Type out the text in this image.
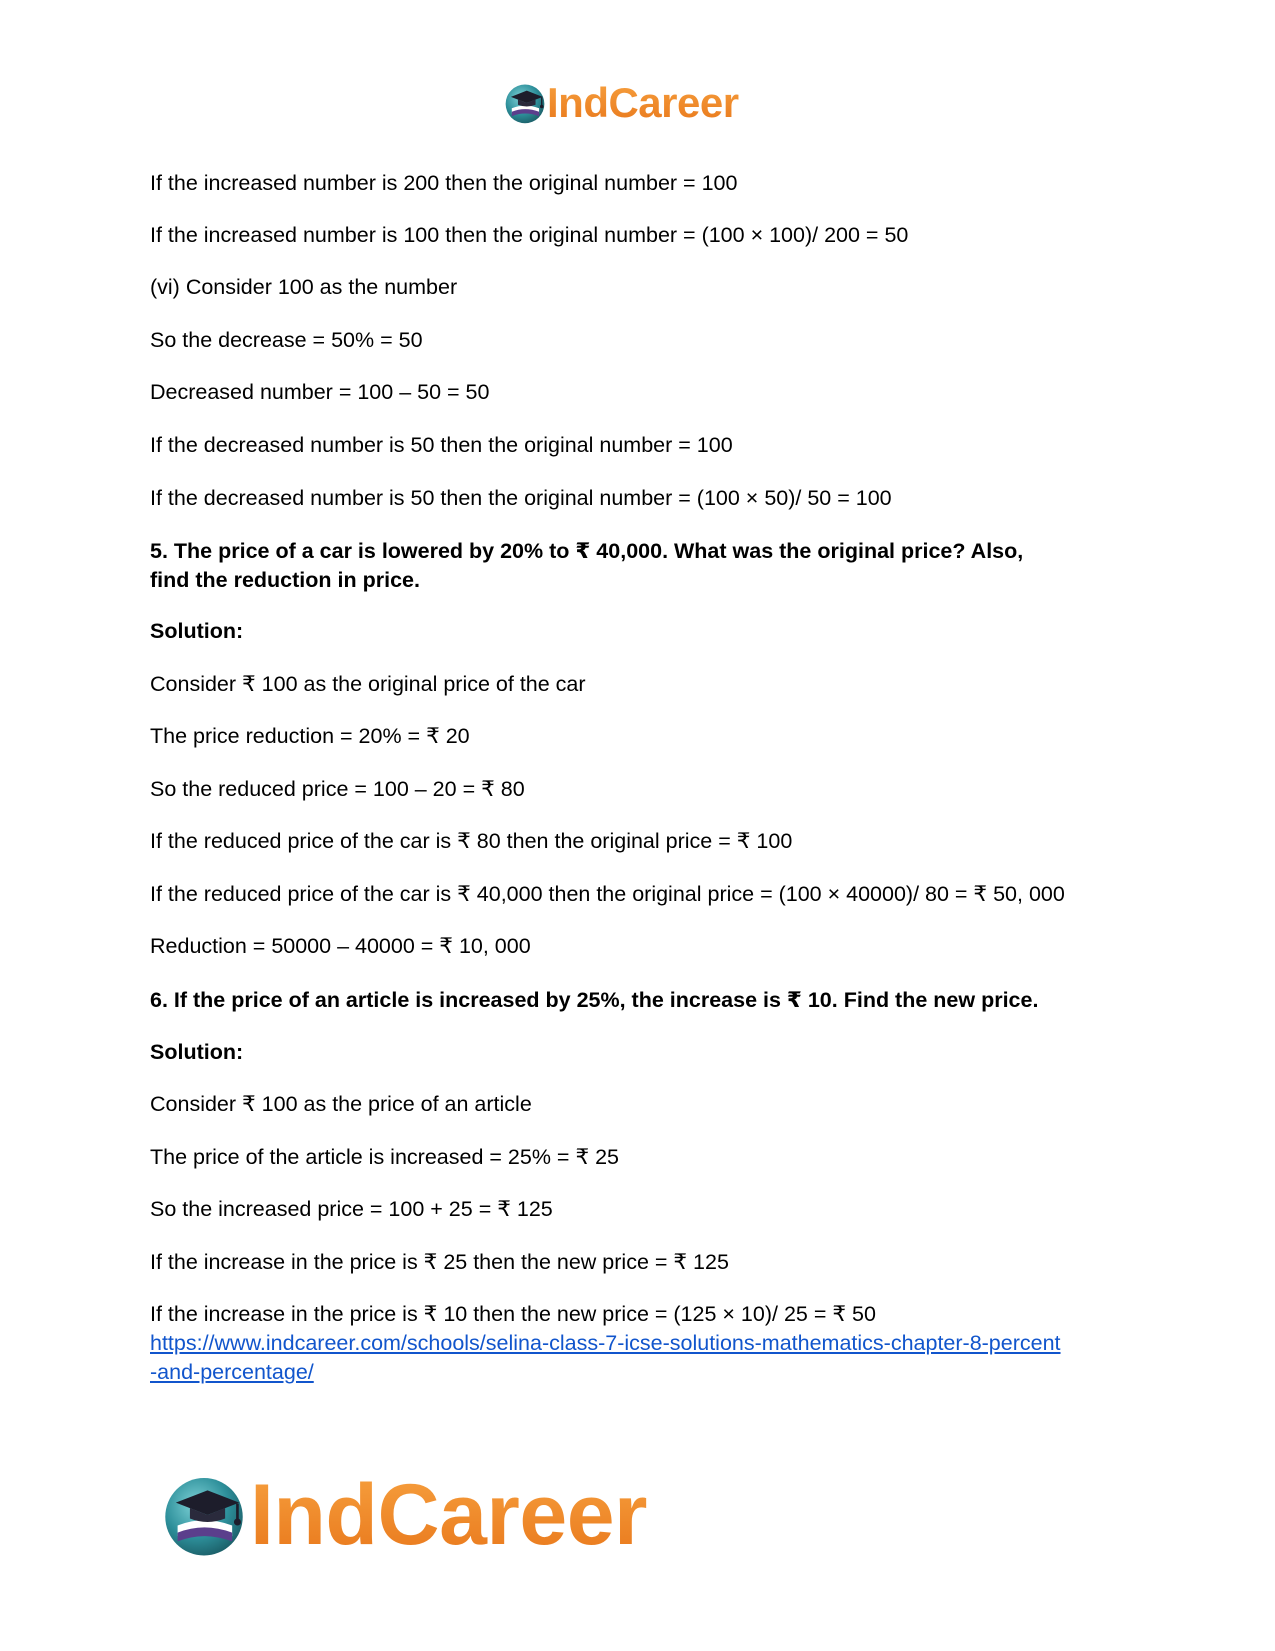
IndCareer
If the increased number is 200 then the original number = 100
If the increased number is 100 then the original number = (100 × 100)/ 200 = 50
(vi) Consider 100 as the number
So the decrease = 50% = 50
Decreased number = 100 – 50 = 50
If the decreased number is 50 then the original number = 100
If the decreased number is 50 then the original number = (100 × 50)/ 50 = 100
5. The price of a car is lowered by 20% to ₹ 40,000. What was the original price? Also,
find the reduction in price.
Solution:
Consider ₹ 100 as the original price of the car
The price reduction = 20% = ₹ 20
So the reduced price = 100 – 20 = ₹ 80
If the reduced price of the car is ₹ 80 then the original price = ₹ 100
If the reduced price of the car is ₹ 40,000 then the original price = (100 × 40000)/ 80 = ₹ 50, 000
Reduction = 50000 – 40000 = ₹ 10, 000
6. If the price of an article is increased by 25%, the increase is ₹ 10. Find the new price.
Solution:
Consider ₹ 100 as the price of an article
The price of the article is increased = 25% = ₹ 25
So the increased price = 100 + 25 = ₹ 125
If the increase in the price is ₹ 25 then the new price = ₹ 125
If the increase in the price is ₹ 10 then the new price = (125 × 10)/ 25 = ₹ 50
https://www.indcareer.com/schools/selina-class-7-icse-solutions-mathematics-chapter-8-percent
-and-percentage/
IndCareer
